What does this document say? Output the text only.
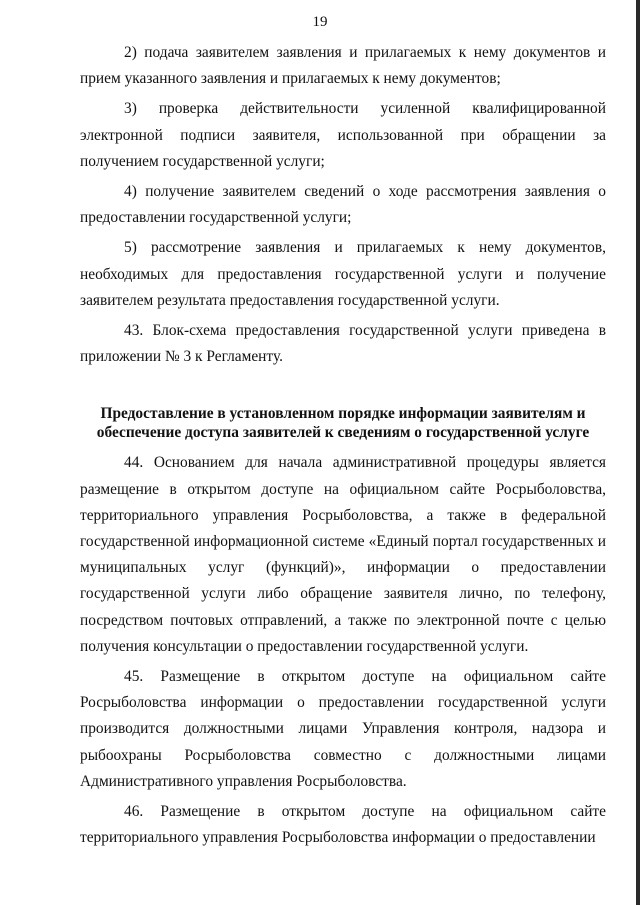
19

2) подача заявителем заявления и прилагаемых к нему документов и прием указанного заявления и прилагаемых к нему документов;

3) проверка действительности усиленной квалифицированной электронной подписи заявителя, использованной при обращении за получением государственной услуги;

4) получение заявителем сведений о ходе рассмотрения заявления о предоставлении государственной услуги;

5) рассмотрение заявления и прилагаемых к нему документов, необходимых для предоставления государственной услуги и получение заявителем результата предоставления государственной услуги.

43. Блок-схема предоставления государственной услуги приведена в приложении № 3 к Регламенту.

Предоставление в установленном порядке информации заявителям и обеспечение доступа заявителей к сведениям о государственной услуге

44. Основанием для начала административной процедуры является размещение в открытом доступе на официальном сайте Росрыболовства, территориального управления Росрыболовства, а также в федеральной государственной информационной системе «Единый портал государственных и муниципальных услуг (функций)», информации о предоставлении государственной услуги либо обращение заявителя лично, по телефону, посредством почтовых отправлений, а также по электронной почте с целью получения консультации о предоставлении государственной услуги.

45. Размещение в открытом доступе на официальном сайте Росрыболовства информации о предоставлении государственной услуги производится должностными лицами Управления контроля, надзора и рыбоохраны Росрыболовства совместно с должностными лицами Административного управления Росрыболовства.

46. Размещение в открытом доступе на официальном сайте территориального управления Росрыболовства информации о предоставлении
